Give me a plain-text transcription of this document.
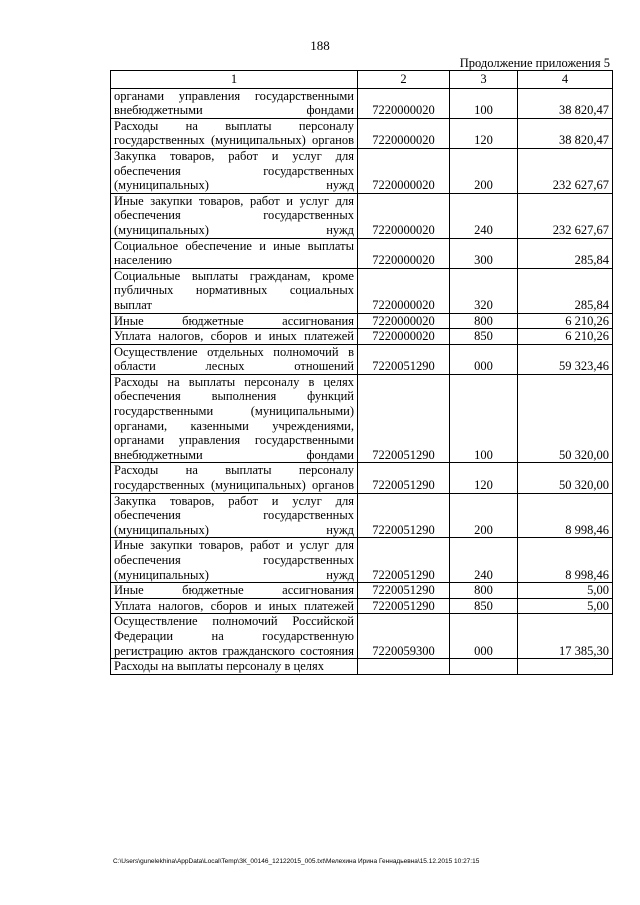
188
Продолжение приложения 5
1	2	3	4
органами управления государственными внебюджетными фондами	7220000020	100	38 820,47
Расходы на выплаты персоналу государственных (муниципальных) органов	7220000020	120	38 820,47
Закупка товаров, работ и услуг для обеспечения государственных (муниципальных) нужд	7220000020	200	232 627,67
Иные закупки товаров, работ и услуг для обеспечения государственных (муниципальных) нужд	7220000020	240	232 627,67
Социальное обеспечение и иные выплаты населению	7220000020	300	285,84
Социальные выплаты гражданам, кроме публичных нормативных социальных выплат	7220000020	320	285,84
Иные бюджетные ассигнования	7220000020	800	6 210,26
Уплата налогов, сборов и иных платежей	7220000020	850	6 210,26
Осуществление отдельных полномочий в области лесных отношений	7220051290	000	59 323,46
Расходы на выплаты персоналу в целях обеспечения выполнения функций государственными (муниципальными) органами, казенными учреждениями, органами управления государственными внебюджетными фондами	7220051290	100	50 320,00
Расходы на выплаты персоналу государственных (муниципальных) органов	7220051290	120	50 320,00
Закупка товаров, работ и услуг для обеспечения государственных (муниципальных) нужд	7220051290	200	8 998,46
Иные закупки товаров, работ и услуг для обеспечения государственных (муниципальных) нужд	7220051290	240	8 998,46
Иные бюджетные ассигнования	7220051290	800	5,00
Уплата налогов, сборов и иных платежей	7220051290	850	5,00
Осуществление полномочий Российской Федерации на государственную регистрацию актов гражданского состояния	7220059300	000	17 385,30
Расходы на выплаты персоналу в целях			
C:\Users\gunelekhina\AppData\Local\Temp\ЗК_00146_12122015_005.txt\Мелехина Ирина Геннадьевна\15.12.2015 10:27:15
